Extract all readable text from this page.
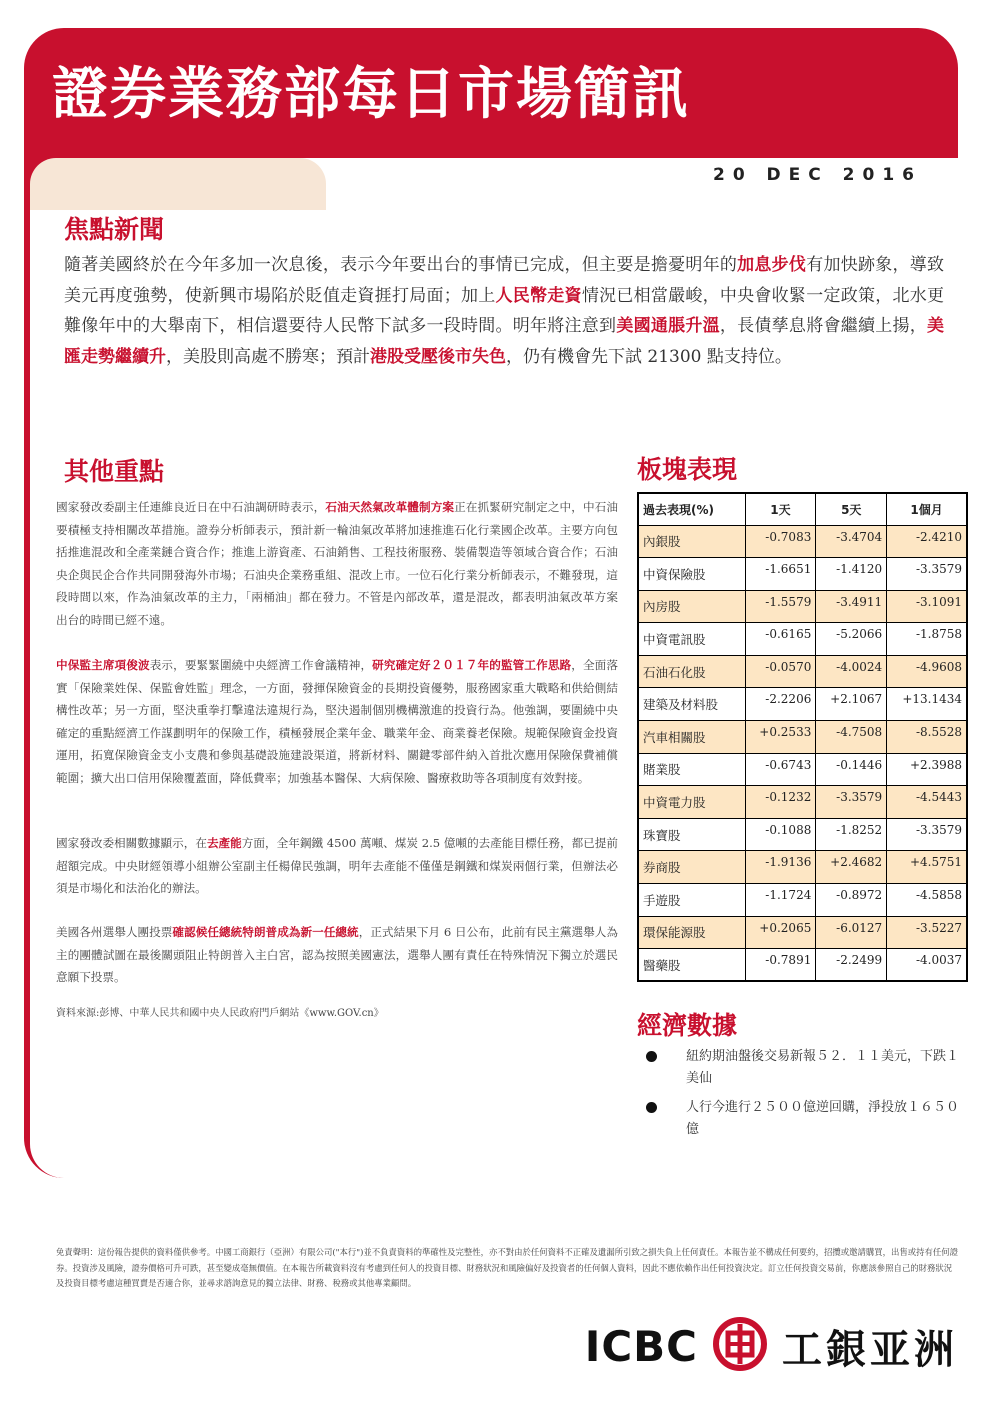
證券業務部每日市場簡訊
20 DEC 2016
焦點新聞
隨著美國終於在今年多加一次息後，表示今年要出台的事情已完成，但主要是擔憂明年的加息步伐有加快跡象，導致美元再度強勢，使新興市場陷於貶值走資捱打局面；加上人民幣走資情況已相當嚴峻，中央會收緊一定政策，北水更難像年中的大舉南下，相信還要待人民幣下試多一段時間。明年將注意到美國通脹升溫，長債孳息將會繼續上揚，美匯走勢繼續升，美股則高處不勝寒；預計港股受壓後市失色，仍有機會先下試 21300 點支持位。
其他重點
國家發改委副主任連維良近日在中石油調研時表示，石油天然氣改革體制方案正在抓緊研究制定之中，中石油要積極支持相關改革措施。證券分析師表示，預計新一輪油氣改革將加速推進石化行業國企改革。主要方向包括推進混改和全產業鏈合資合作；推進上游資產、石油銷售、工程技術服務、裝備製造等領域合資合作；石油央企與民企合作共同開發海外市場；石油央企業務重組、混改上市。一位石化行業分析師表示，不難發現，這段時間以來，作為油氣改革的主力，「兩桶油」都在發力。不管是內部改革，還是混改，都表明油氣改革方案出台的時間已經不遠。
中保監主席項俊波表示，要緊緊圍繞中央經濟工作會議精神，研究確定好２０１７年的監管工作思路，全面落實「保險業姓保、保監會姓監」理念，一方面，發揮保險資金的長期投資優勢，服務國家重大戰略和供給側結構性改革；另一方面，堅決重拳打擊違法違規行為，堅決遏制個別機構激進的投資行為。他強調，要圍繞中央確定的重點經濟工作謀劃明年的保險工作，積極發展企業年金、職業年金、商業養老保險。規範保險資金投資運用，拓寬保險資金支小支農和參與基礎設施建設渠道，將新材料、關鍵零部件納入首批次應用保險保費補償範圍；擴大出口信用保險覆蓋面，降低費率；加強基本醫保、大病保險、醫療救助等各項制度有效對接。
國家發改委相關數據顯示，在去產能方面，全年鋼鐵 4500 萬噸、煤炭 2.5 億噸的去產能目標任務，都已提前超額完成。中央財經領導小組辦公室副主任楊偉民強調，明年去產能不僅僅是鋼鐵和煤炭兩個行業，但辦法必須是市場化和法治化的辦法。
美國各州選舉人團投票確認候任總統特朗普成為新一任總統，正式結果下月 6 日公布，此前有民主黨選舉人為主的團體試圖在最後關頭阻止特朗普入主白宮，認為按照美國憲法，選舉人團有責任在特殊情況下獨立於選民意願下投票。
資料來源:彭博、中華人民共和國中央人民政府門戶網站《www.GOV.cn》
板塊表現
過去表現(%)	1天	5天	1個月
內銀股	-0.7083	-3.4704	-2.4210
中資保險股	-1.6651	-1.4120	-3.3579
內房股	-1.5579	-3.4911	-3.1091
中資電訊股	-0.6165	-5.2066	-1.8758
石油石化股	-0.0570	-4.0024	-4.9608
建築及材料股	-2.2206	+2.1067	+13.1434
汽車相關股	+0.2533	-4.7508	-8.5528
賭業股	-0.6743	-0.1446	+2.3988
中資電力股	-0.1232	-3.3579	-4.5443
珠寶股	-0.1088	-1.8252	-3.3579
券商股	-1.9136	+2.4682	+4.5751
手遊股	-1.1724	-0.8972	-4.5858
環保能源股	+0.2065	-6.0127	-3.5227
醫藥股	-0.7891	-2.2499	-4.0037
經濟數據
紐約期油盤後交易新報５２．１１美元，下跌１美仙
人行今進行２５００億逆回購，淨投放１６５０億
免責聲明：這份報告提供的資料僅供參考。中國工商銀行（亞洲）有限公司("本行")並不負責資料的準確性及完整性，亦不對由於任何資料不正確及遺漏所引致之損失負上任何責任。本報告並不構成任何要約，招攬或邀請購買，出售或持有任何證券。投資涉及風險，證券價格可升可跌，甚至變成毫無價值。在本報告所載資料沒有考慮到任何人的投資目標、財務狀況和風險偏好及投資者的任何個人資料，因此不應依賴作出任何投資決定。訂立任何投資交易前，你應該參照自己的財務狀況及投資目標考慮這種買賣是否適合你，並尋求諮詢意見的獨立法律、財務、稅務或其他專業顧問。
ICBC 工銀亚洲
